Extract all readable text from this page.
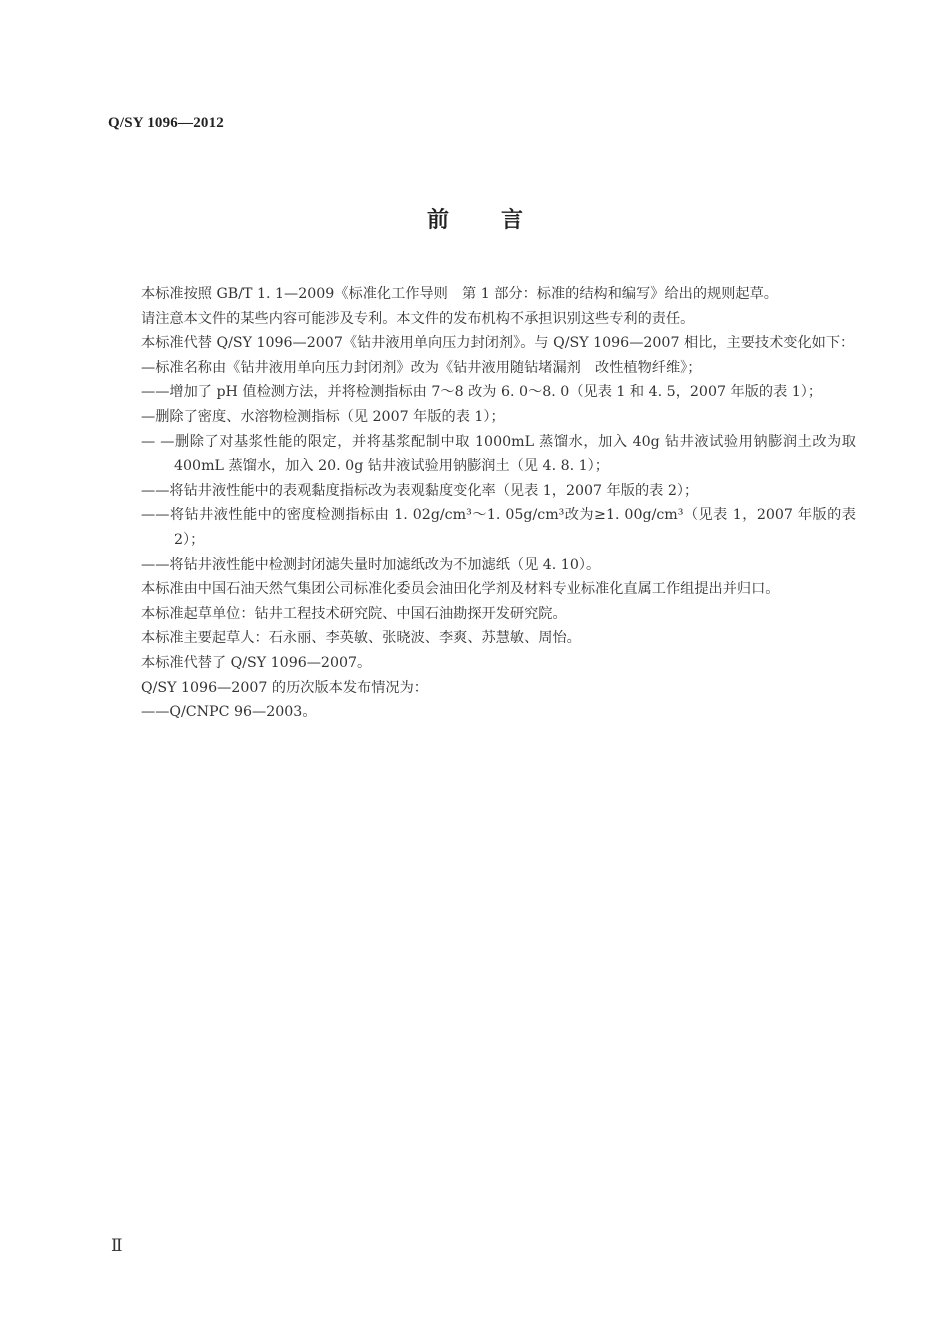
Q/SY 1096—2012
前言

本标准按照 GB/T 1. 1—2009《标准化工作导则　第 1 部分：标准的结构和编写》给出的规则起草。

请注意本文件的某些内容可能涉及专利。本文件的发布机构不承担识别这些专利的责任。

本标准代替 Q/SY 1096—2007《钻井液用单向压力封闭剂》。与 Q/SY 1096—2007 相比，主要技术变化如下：

—标准名称由《钻井液用单向压力封闭剂》改为《钻井液用随钻堵漏剂　改性植物纤维》；

——增加了 pH 值检测方法，并将检测指标由 7～8 改为 6. 0～8. 0（见表 1 和 4. 5，2007 年版的表 1）；

—删除了密度、水溶物检测指标（见 2007 年版的表 1）；

— —删除了对基浆性能的限定，并将基浆配制中取 1000mL 蒸馏水，加入 40g 钻井液试验用钠膨润土改为取 400mL 蒸馏水，加入 20. 0g 钻井液试验用钠膨润土（见 4. 8. 1）；

——将钻井液性能中的表观黏度指标改为表观黏度变化率（见表 1，2007 年版的表 2）；

——将钻井液性能中的密度检测指标由 1. 02g/cm³～1. 05g/cm³改为≥1. 00g/cm³（见表 1，2007 年版的表 2）；

——将钻井液性能中检测封闭滤失量时加滤纸改为不加滤纸（见 4. 10）。

本标准由中国石油天然气集团公司标准化委员会油田化学剂及材料专业标准化直属工作组提出并归口。

本标准起草单位：钻井工程技术研究院、中国石油勘探开发研究院。

本标准主要起草人：石永丽、李英敏、张晓波、李爽、苏慧敏、周怡。

本标准代替了 Q/SY 1096—2007。

Q/SY 1096—2007 的历次版本发布情况为：

——Q/CNPC 96—2003。

Ⅱ
